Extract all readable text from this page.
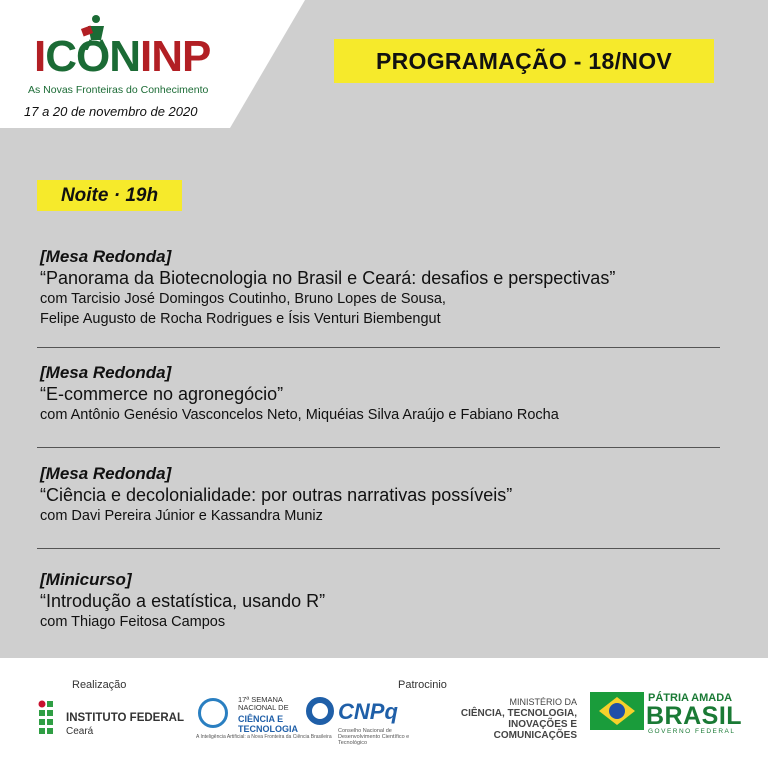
ICONINP
As Novas Fronteiras do Conhecimento
17 a 20 de novembro de 2020
PROGRAMAÇÃO - 18/NOV
Noite · 19h
[Mesa Redonda]
“Panorama da Biotecnologia no Brasil e Ceará: desafios e perspectivas”
com Tarcisio José Domingos Coutinho, Bruno Lopes de Sousa,
Felipe Augusto de Rocha Rodrigues e Ísis Venturi Biembengut
[Mesa Redonda]
“E-commerce no agronegócio”
com Antônio Genésio Vasconcelos Neto, Miquéias Silva Araújo e Fabiano Rocha
[Mesa Redonda]
“Ciência e decolonialidade: por outras narrativas possíveis”
com Davi Pereira Júnior e Kassandra Muniz
[Minicurso]
“Introdução a estatística, usando R”
com Thiago Feitosa Campos
Realização	Patrocinio
INSTITUTO FEDERAL
Ceará
17ª SEMANA NACIONAL DE
CIÊNCIA E TECNOLOGIA
A Inteligência Artificial: a Nova Fronteira da Ciência Brasileira
CNPq
Conselho Nacional de Desenvolvimento Científico e Tecnológico
MINISTÉRIO DA
CIÊNCIA, TECNOLOGIA,
INOVAÇÕES E COMUNICAÇÕES
PÁTRIA AMADA
BRASIL
GOVERNO FEDERAL
